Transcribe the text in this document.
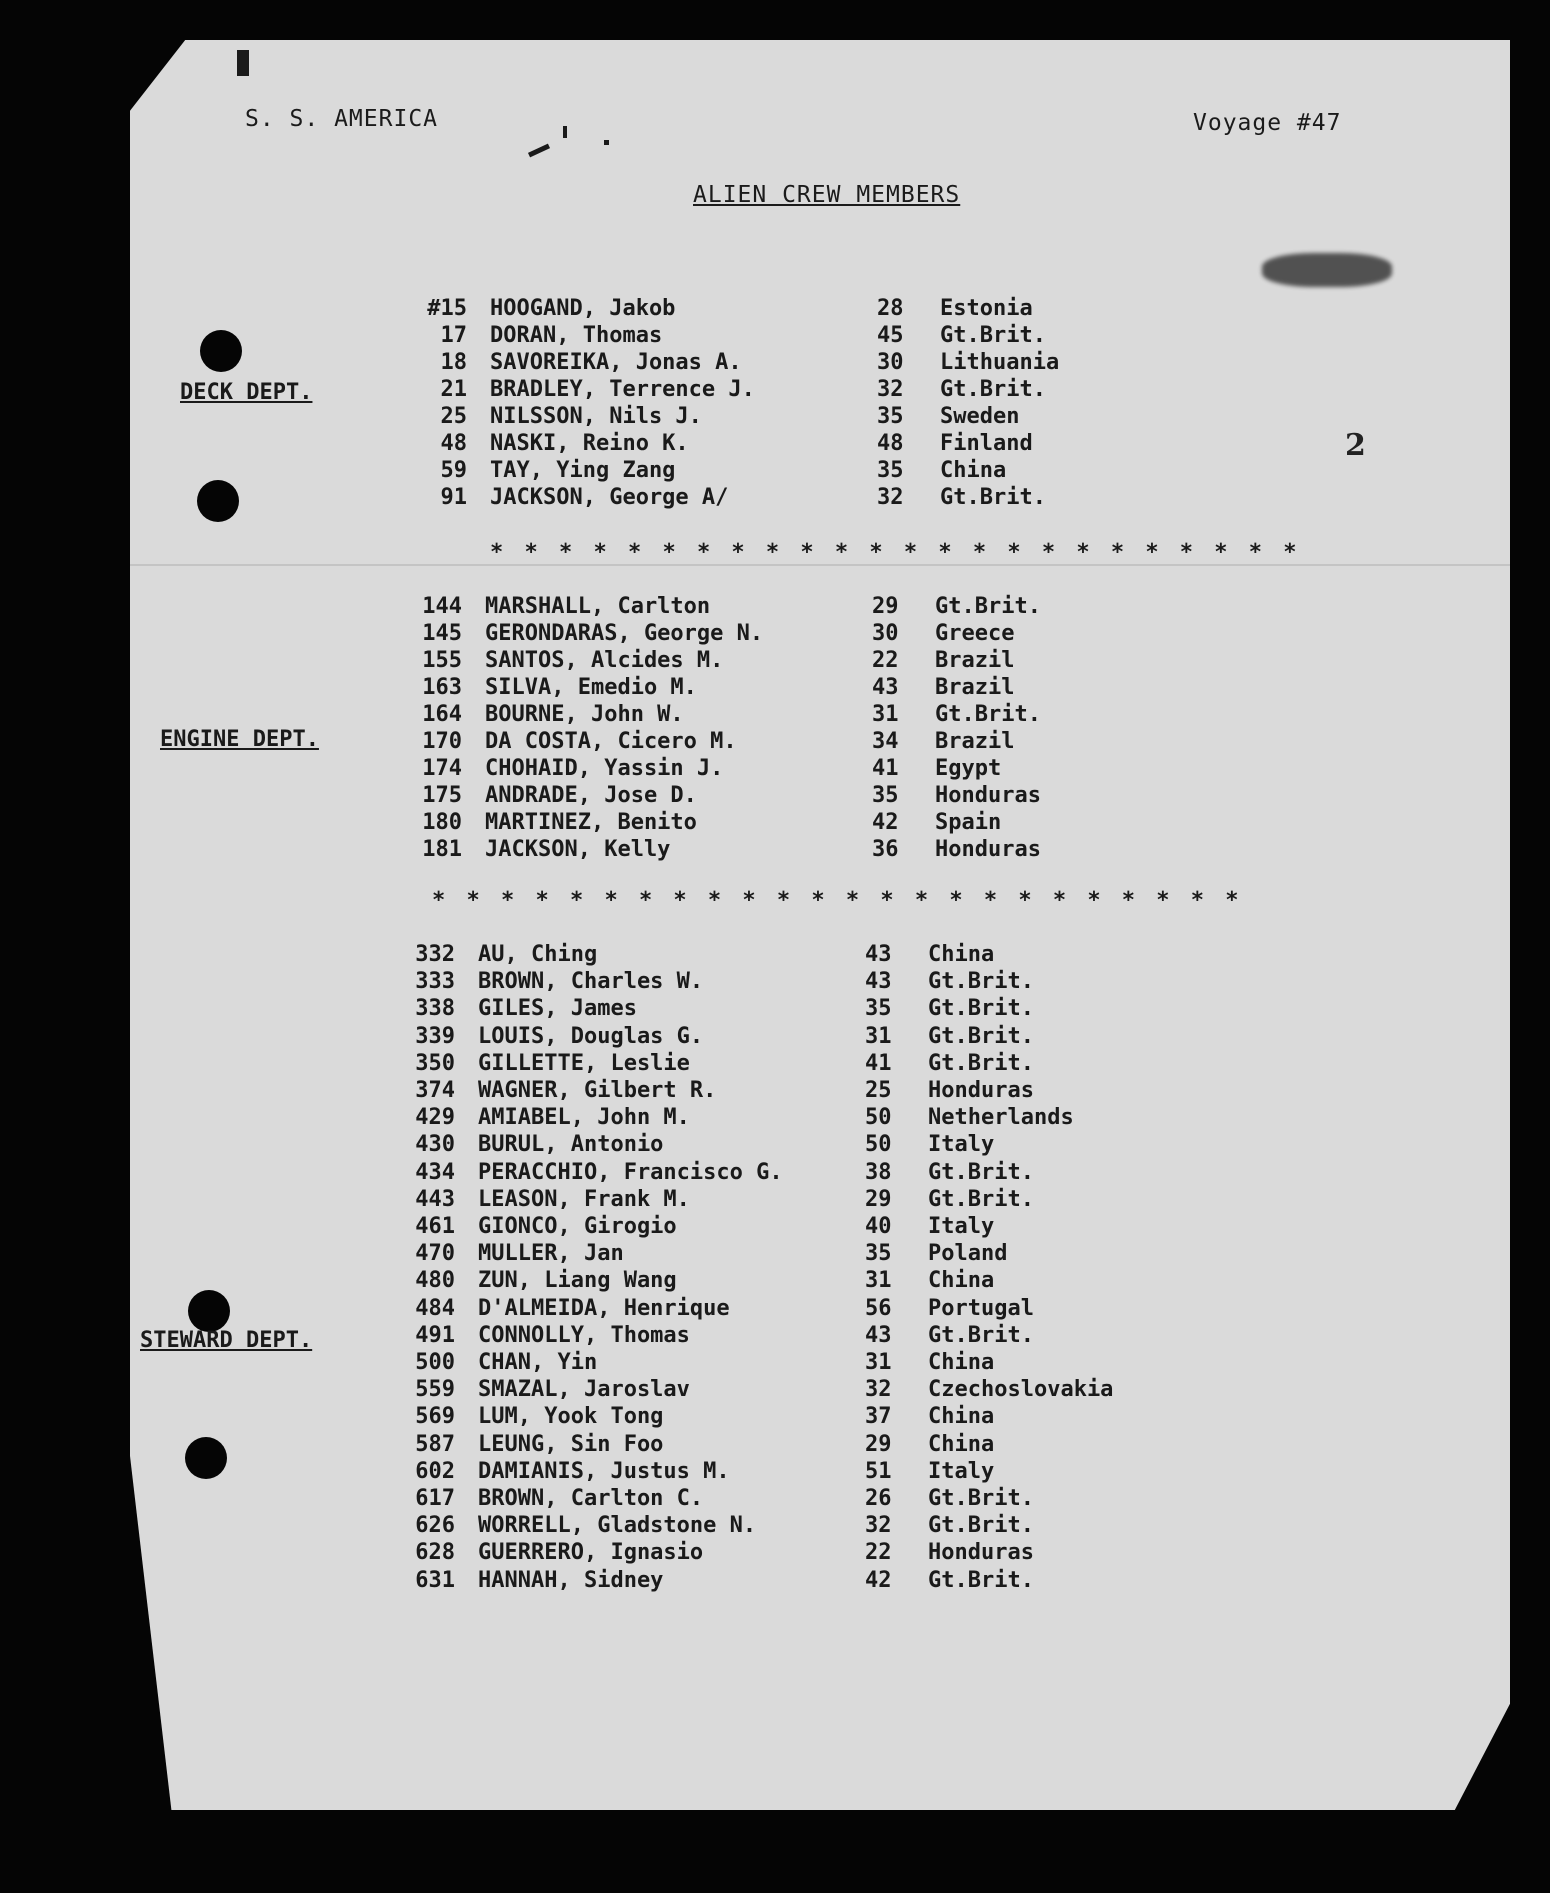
S. S. AMERICA	Voyage #47
ALIEN CREW MEMBERS
2
DECK DEPT.
ENGINE DEPT.
STEWARD DEPT.
* * * * * * * * * * * * * * * * * * * * * * * *
* * * * * * * * * * * * * * * * * * * * * * * *
#15 HOOGAND, Jakob	28 Estonia
17 DORAN, Thomas	45 Gt.Brit.
18 SAVOREIKA, Jonas A.	30 Lithuania
21 BRADLEY, Terrence J.	32 Gt.Brit.
25 NILSSON, Nils J.	35 Sweden
48 NASKI, Reino K.	48 Finland
59 TAY, Ying Zang	35 China
91 JACKSON, George A/	32 Gt.Brit.
144 MARSHALL, Carlton	29 Gt.Brit.
145 GERONDARAS, George N.	30 Greece
155 SANTOS, Alcides M.	22 Brazil
163 SILVA, Emedio M.	43 Brazil
164 BOURNE, John W.	31 Gt.Brit.
170 DA COSTA, Cicero M.	34 Brazil
174 CHOHAID, Yassin J.	41 Egypt
175 ANDRADE, Jose D.	35 Honduras
180 MARTINEZ, Benito	42 Spain
181 JACKSON, Kelly	36 Honduras
332 AU, Ching	43 China
333 BROWN, Charles W.	43 Gt.Brit.
338 GILES, James	35 Gt.Brit.
339 LOUIS, Douglas G.	31 Gt.Brit.
350 GILLETTE, Leslie	41 Gt.Brit.
374 WAGNER, Gilbert R.	25 Honduras
429 AMIABEL, John M.	50 Netherlands
430 BURUL, Antonio	50 Italy
434 PERACCHIO, Francisco G.	38 Gt.Brit.
443 LEASON, Frank M.	29 Gt.Brit.
461 GIONCO, Girogio	40 Italy
470 MULLER, Jan	35 Poland
480 ZUN, Liang Wang	31 China
484 D'ALMEIDA, Henrique	56 Portugal
491 CONNOLLY, Thomas	43 Gt.Brit.
500 CHAN, Yin	31 China
559 SMAZAL, Jaroslav	32 Czechoslovakia
569 LUM, Yook Tong	37 China
587 LEUNG, Sin Foo	29 China
602 DAMIANIS, Justus M.	51 Italy
617 BROWN, Carlton C.	26 Gt.Brit.
626 WORRELL, Gladstone N.	32 Gt.Brit.
628 GUERRERO, Ignasio	22 Honduras
631 HANNAH, Sidney	42 Gt.Brit.
